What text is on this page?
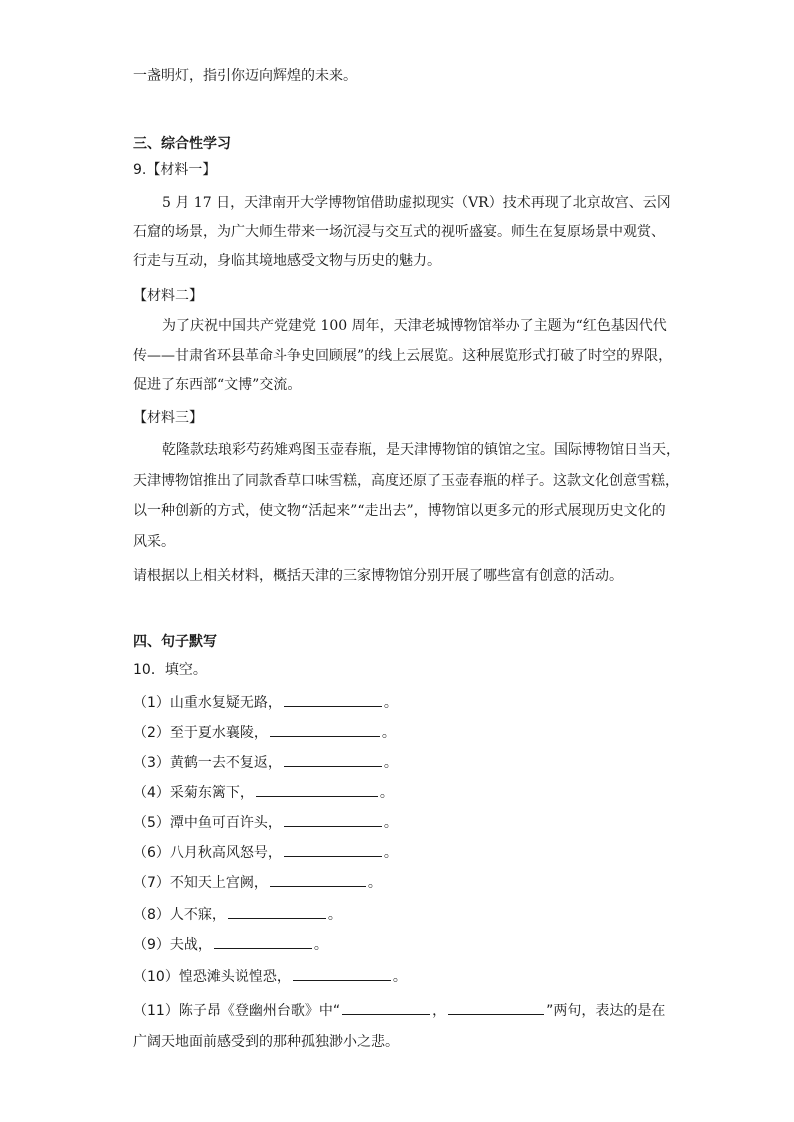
一盏明灯，指引你迈向辉煌的未来。
三、综合性学习
9.【材料一】
5 月 17 日，天津南开大学博物馆借助虚拟现实（VR）技术再现了北京故宫、云冈
石窟的场景，为广大师生带来一场沉浸与交互式的视听盛宴。师生在复原场景中观赏、
行走与互动，身临其境地感受文物与历史的魅力。
【材料二】
为了庆祝中国共产党建党 100 周年，天津老城博物馆举办了主题为“红色基因代代
传——甘肃省环县革命斗争史回顾展”的线上云展览。这种展览形式打破了时空的界限，
促进了东西部“文博”交流。
【材料三】
乾隆款珐琅彩芍药雉鸡图玉壶春瓶，是天津博物馆的镇馆之宝。国际博物馆日当天，
天津博物馆推出了同款香草口味雪糕，高度还原了玉壶春瓶的样子。这款文化创意雪糕，
以一种创新的方式，使文物“活起来”“走出去”，博物馆以更多元的形式展现历史文化的
风采。
请根据以上相关材料，概括天津的三家博物馆分别开展了哪些富有创意的活动。
四、句子默写
10．填空。
（1）山重水复疑无路，	。
（2）至于夏水襄陵，	。
（3）黄鹤一去不复返，	。
（4）采菊东篱下，	。
（5）潭中鱼可百许头，	。
（6）八月秋高风怒号，	。
（7）不知天上宫阙，	。
（8）人不寐，	。
（9）夫战，	。
（10）惶恐滩头说惶恐，	。
（11）陈子昂《登幽州台歌》中“	，	”两句，表达的是在
广阔天地面前感受到的那种孤独渺小之悲。
